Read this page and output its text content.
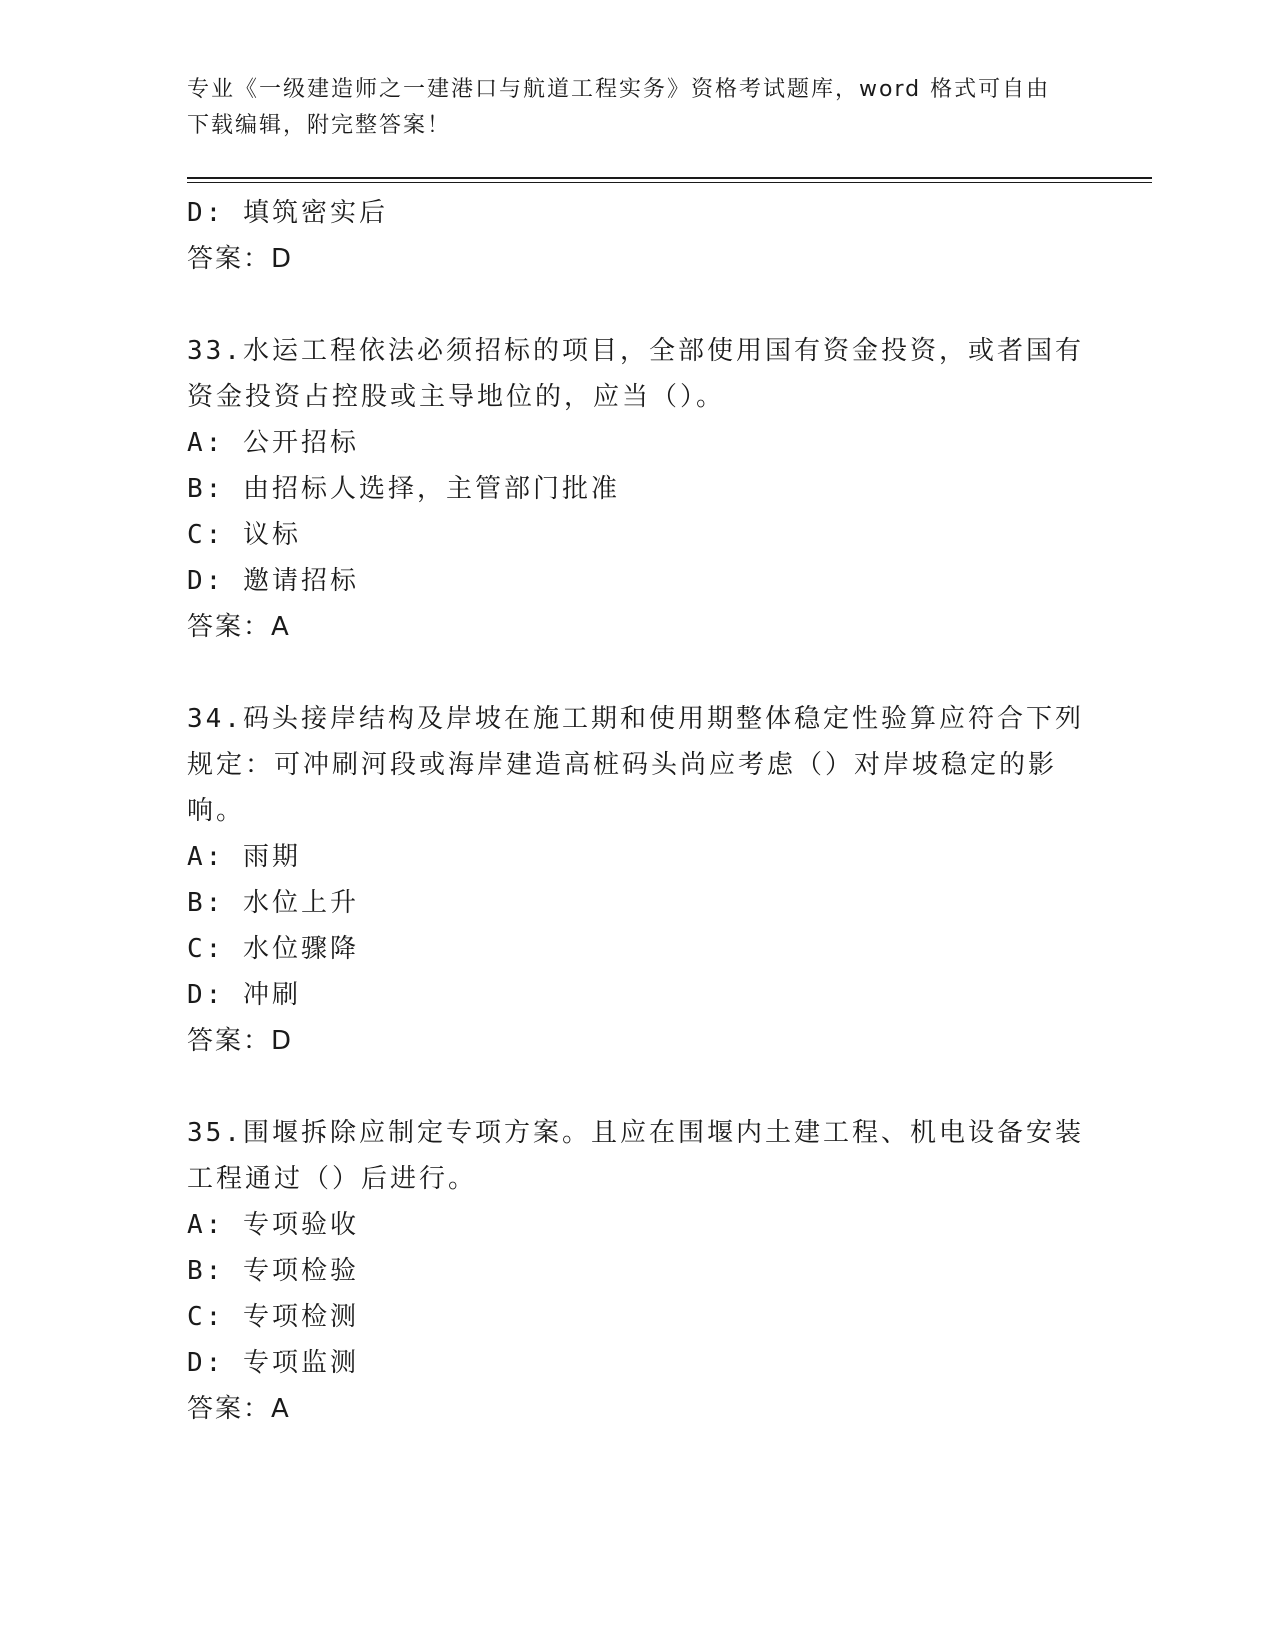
专业《一级建造师之一建港口与航道工程实务》资格考试题库，word 格式可自由
下载编辑，附完整答案！
D: 填筑密实后
答案：D
33.水运工程依法必须招标的项目，全部使用国有资金投资，或者国有
资金投资占控股或主导地位的，应当（）。
A: 公开招标
B: 由招标人选择，主管部门批准
C: 议标
D: 邀请招标
答案：A
34.码头接岸结构及岸坡在施工期和使用期整体稳定性验算应符合下列
规定：可冲刷河段或海岸建造高桩码头尚应考虑（）对岸坡稳定的影
响。
A: 雨期
B: 水位上升
C: 水位骤降
D: 冲刷
答案：D
35.围堰拆除应制定专项方案。且应在围堰内土建工程、机电设备安装
工程通过（）后进行。
A: 专项验收
B: 专项检验
C: 专项检测
D: 专项监测
答案：A
